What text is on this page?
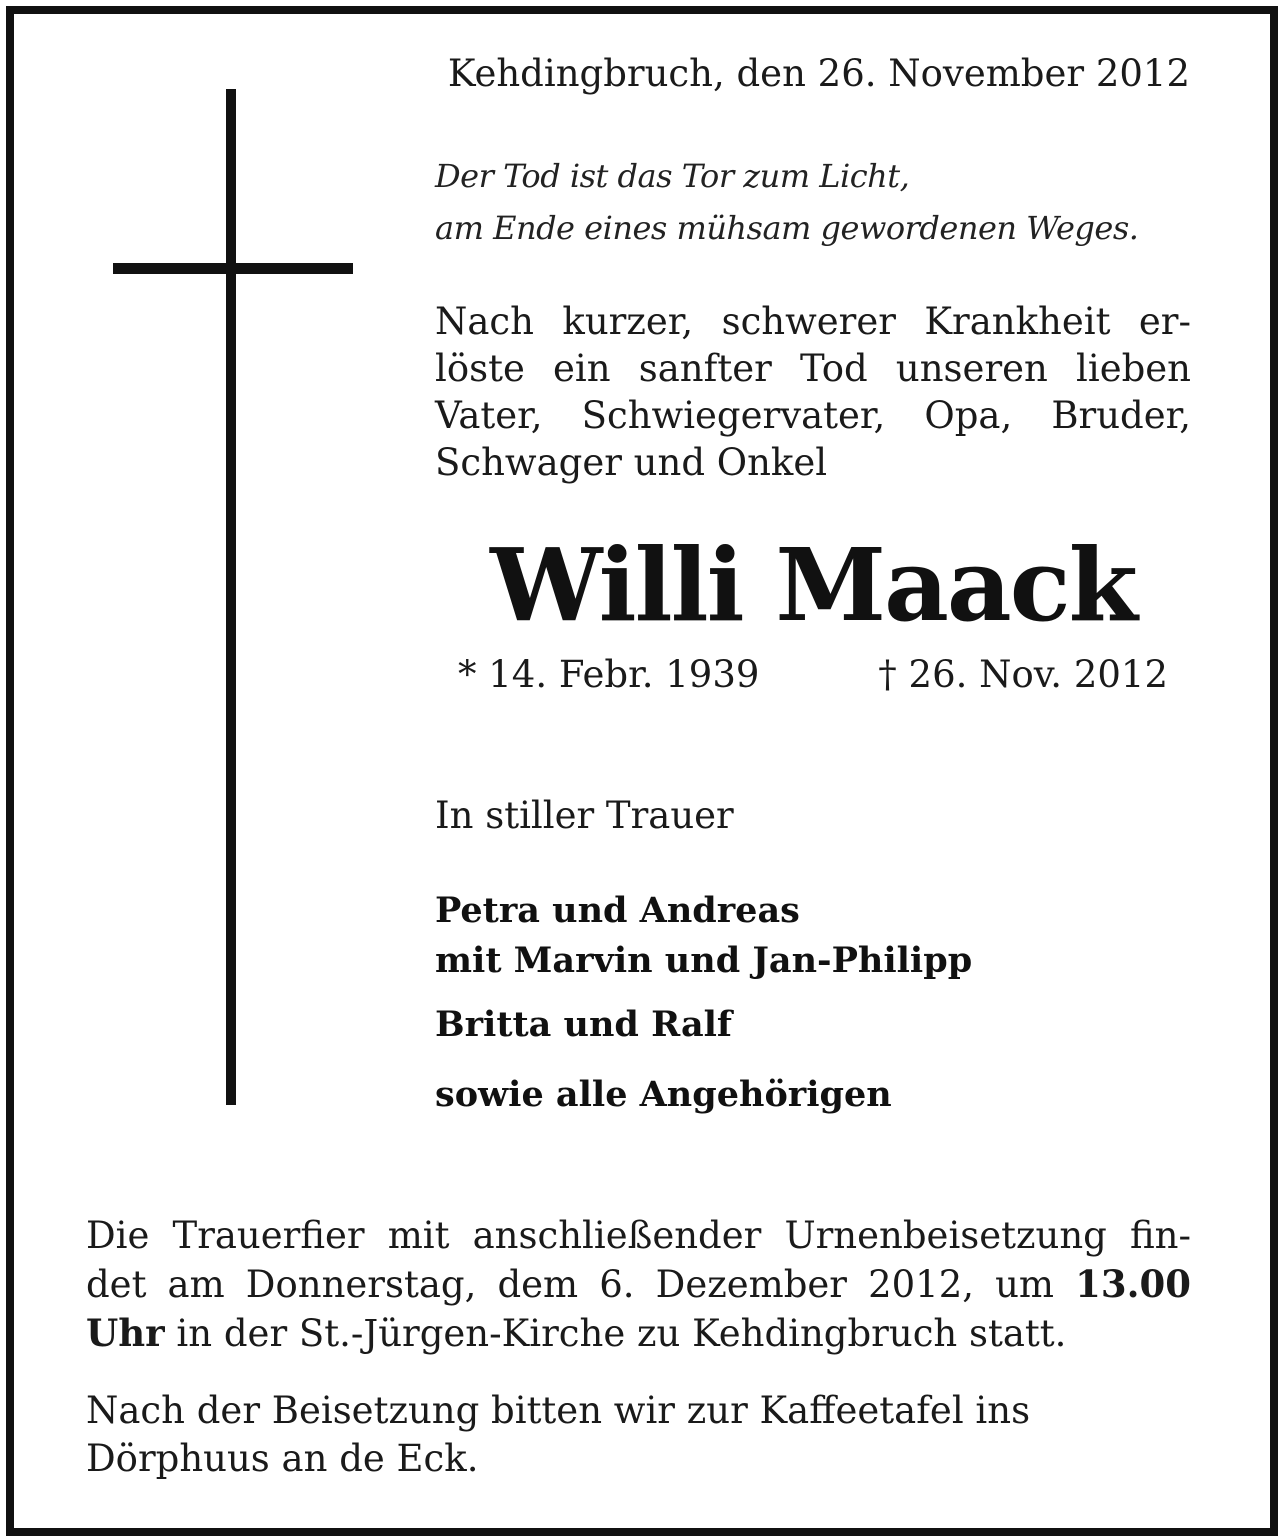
Kehdingbruch, den 26. November 2012
Der Tod ist das Tor zum Licht,
am Ende eines mühsam gewordenen Weges.
Nach kurzer, schwerer Krankheit er-
löste ein sanfter Tod unseren lieben
Vater, Schwiegervater, Opa, Bruder,
Schwager und Onkel
Willi Maack
* 14. Febr. 1939	† 26. Nov. 2012
In stiller Trauer
Petra und Andreas
mit Marvin und Jan-Philipp
Britta und Ralf
sowie alle Angehörigen
Die Trauerfier mit anschließender Urnenbeisetzung fin-
det am Donnerstag, dem 6. Dezember 2012, um 13.00
Uhr in der St.-Jürgen-Kirche zu Kehdingbruch statt.
Nach der Beisetzung bitten wir zur Kaffeetafel ins
Dörphuus an de Eck.
